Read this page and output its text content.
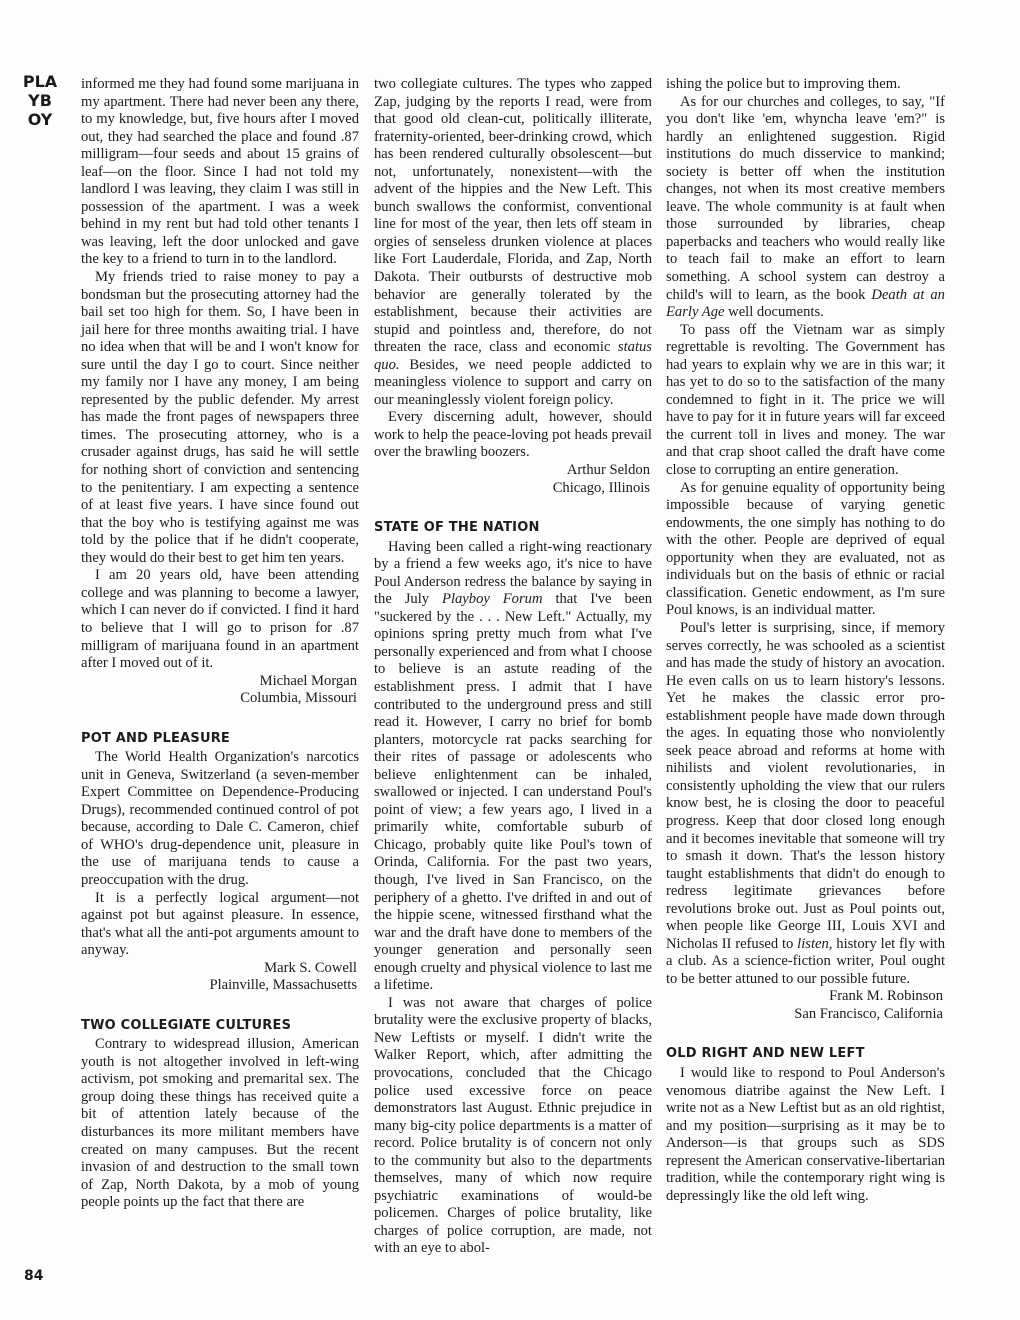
PLAYBOY
84

informed me they had found some marijuana in my apartment. There had never been any there, to my knowledge, but, five hours after I moved out, they had searched the place and found .87 milligram—four seeds and about 15 grains of leaf—on the floor. Since I had not told my landlord I was leaving, they claim I was still in possession of the apartment. I was a week behind in my rent but had told other tenants I was leaving, left the door unlocked and gave the key to a friend to turn in to the landlord.

My friends tried to raise money to pay a bondsman but the prosecuting attorney had the bail set too high for them. So, I have been in jail here for three months awaiting trial. I have no idea when that will be and I won't know for sure until the day I go to court. Since neither my family nor I have any money, I am being represented by the public defender. My arrest has made the front pages of newspapers three times. The prosecuting attorney, who is a crusader against drugs, has said he will settle for nothing short of conviction and sentencing to the penitentiary. I am expecting a sentence of at least five years. I have since found out that the boy who is testifying against me was told by the police that if he didn't cooperate, they would do their best to get him ten years.

I am 20 years old, have been attending college and was planning to become a lawyer, which I can never do if convicted. I find it hard to believe that I will go to prison for .87 milligram of marijuana found in an apartment after I moved out of it.

Michael Morgan
Columbia, Missouri
POT AND PLEASURE

The World Health Organization's narcotics unit in Geneva, Switzerland (a seven-member Expert Committee on Dependence-Producing Drugs), recommended continued control of pot because, according to Dale C. Cameron, chief of WHO's drug-dependence unit, pleasure in the use of marijuana tends to cause a preoccupation with the drug.

It is a perfectly logical argument—not against pot but against pleasure. In essence, that's what all the anti-pot arguments amount to anyway.

Mark S. Cowell
Plainville, Massachusetts
TWO COLLEGIATE CULTURES

Contrary to widespread illusion, American youth is not altogether involved in left-wing activism, pot smoking and premarital sex. The group doing these things has received quite a bit of attention lately because of the disturbances its more militant members have created on many campuses. But the recent invasion of and destruction to the small town of Zap, North Dakota, by a mob of young people points up the fact that there are

two collegiate cultures. The types who zapped Zap, judging by the reports I read, were from that good old clean-cut, politically illiterate, fraternity-oriented, beer-drinking crowd, which has been rendered culturally obsolescent—but not, unfortunately, nonexistent—with the advent of the hippies and the New Left. This bunch swallows the conformist, conventional line for most of the year, then lets off steam in orgies of senseless drunken violence at places like Fort Lauderdale, Florida, and Zap, North Dakota. Their outbursts of destructive mob behavior are generally tolerated by the establishment, because their activities are stupid and pointless and, therefore, do not threaten the race, class and economic status quo. Besides, we need people addicted to meaningless violence to support and carry on our meaninglessly violent foreign policy.

Every discerning adult, however, should work to help the peace-loving pot heads prevail over the brawling boozers.

Arthur Seldon
Chicago, Illinois
STATE OF THE NATION

Having been called a right-wing reactionary by a friend a few weeks ago, it's nice to have Poul Anderson redress the balance by saying in the July Playboy Forum that I've been "suckered by the . . . New Left." Actually, my opinions spring pretty much from what I've personally experienced and from what I choose to believe is an astute reading of the establishment press. I admit that I have contributed to the underground press and still read it. However, I carry no brief for bomb planters, motorcycle rat packs searching for their rites of passage or adolescents who believe enlightenment can be inhaled, swallowed or injected. I can understand Poul's point of view; a few years ago, I lived in a primarily white, comfortable suburb of Chicago, probably quite like Poul's town of Orinda, California. For the past two years, though, I've lived in San Francisco, on the periphery of a ghetto. I've drifted in and out of the hippie scene, witnessed firsthand what the war and the draft have done to members of the younger generation and personally seen enough cruelty and physical violence to last me a lifetime.

I was not aware that charges of police brutality were the exclusive property of blacks, New Leftists or myself. I didn't write the Walker Report, which, after admitting the provocations, concluded that the Chicago police used excessive force on peace demonstrators last August. Ethnic prejudice in many big-city police departments is a matter of record. Police brutality is of concern not only to the community but also to the departments themselves, many of which now require psychiatric examinations of would-be policemen. Charges of police brutality, like charges of police corruption, are made, not with an eye to abol-

ishing the police but to improving them.

As for our churches and colleges, to say, "If you don't like 'em, whyncha leave 'em?" is hardly an enlightened suggestion. Rigid institutions do much disservice to mankind; society is better off when the institution changes, not when its most creative members leave. The whole community is at fault when those surrounded by libraries, cheap paperbacks and teachers who would really like to teach fail to make an effort to learn something. A school system can destroy a child's will to learn, as the book Death at an Early Age well documents.

To pass off the Vietnam war as simply regrettable is revolting. The Government has had years to explain why we are in this war; it has yet to do so to the satisfaction of the many condemned to fight in it. The price we will have to pay for it in future years will far exceed the current toll in lives and money. The war and that crap shoot called the draft have come close to corrupting an entire generation.

As for genuine equality of opportunity being impossible because of varying genetic endowments, the one simply has nothing to do with the other. People are deprived of equal opportunity when they are evaluated, not as individuals but on the basis of ethnic or racial classification. Genetic endowment, as I'm sure Poul knows, is an individual matter.

Poul's letter is surprising, since, if memory serves correctly, he was schooled as a scientist and has made the study of history an avocation. He even calls on us to learn history's lessons. Yet he makes the classic error pro-establishment people have made down through the ages. In equating those who nonviolently seek peace abroad and reforms at home with nihilists and violent revolutionaries, in consistently upholding the view that our rulers know best, he is closing the door to peaceful progress. Keep that door closed long enough and it becomes inevitable that someone will try to smash it down. That's the lesson history taught establishments that didn't do enough to redress legitimate grievances before revolutions broke out. Just as Poul points out, when people like George III, Louis XVI and Nicholas II refused to listen, history let fly with a club. As a science-fiction writer, Poul ought to be better attuned to our possible future.

Frank M. Robinson
San Francisco, California
OLD RIGHT AND NEW LEFT

I would like to respond to Poul Anderson's venomous diatribe against the New Left. I write not as a New Leftist but as an old rightist, and my position—surprising as it may be to Anderson—is that groups such as SDS represent the American conservative-libertarian tradition, while the contemporary right wing is depressingly like the old left wing.
